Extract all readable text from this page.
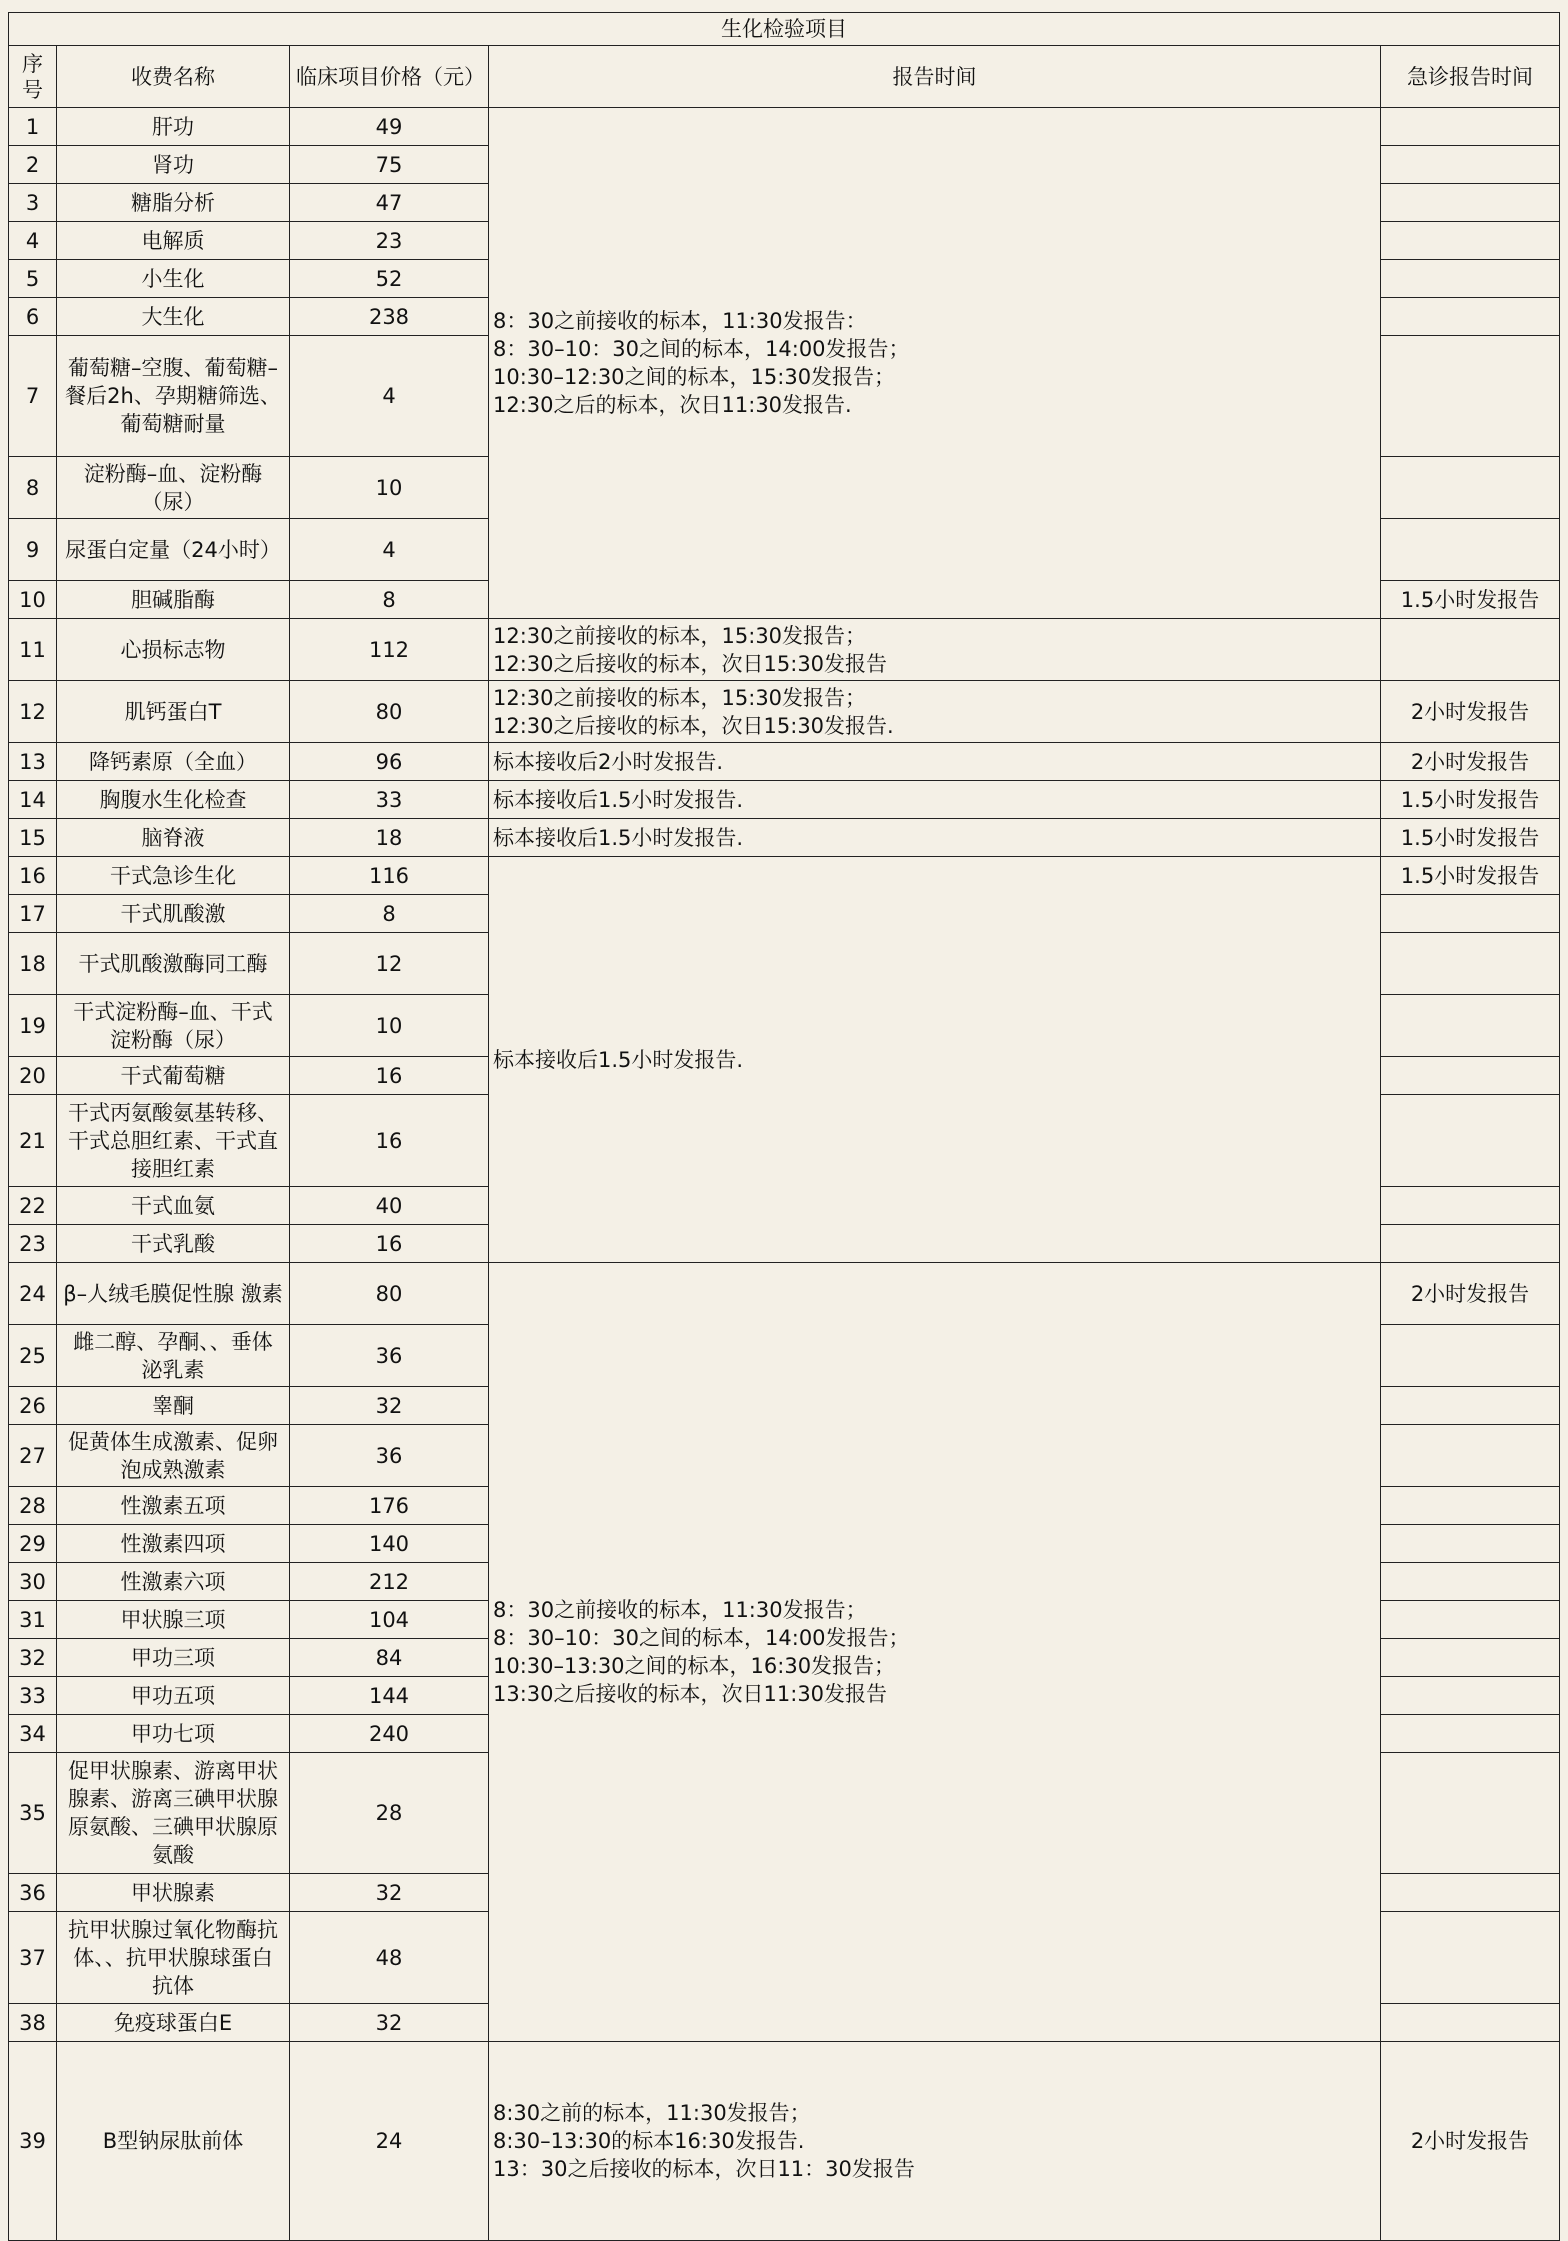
生化检验项目				
序
号	收费名称	临床项目价格（元）	报告时间	急诊报告时间
1	肝功	49	8：30之前接收的标本，11:30发报告：
8：30–10：30之间的标本，14:00发报告；
10:30–12:30之间的标本，15:30发报告；
12:30之后的标本，次日11:30发报告.	
2	肾功	75		
3	糖脂分析	47		
4	电解质	23		
5	小生化	52		
6	大生化	238		
7	葡萄糖–空腹、葡萄糖–餐后2h、孕期糖筛选、葡萄糖耐量	4		
8	淀粉酶–血、淀粉酶（尿）	10		
9	尿蛋白定量（24小时）	4		
10	胆碱脂酶	8		1.5小时发报告
11	心损标志物	112	12:30之前接收的标本，15:30发报告；
12:30之后接收的标本，次日15:30发报告	
12	肌钙蛋白T	80	12:30之前接收的标本，15:30发报告；
12:30之后接收的标本，次日15:30发报告.	2小时发报告
13	降钙素原（全血）	96	标本接收后2小时发报告.	2小时发报告
14	胸腹水生化检查	33	标本接收后1.5小时发报告.	1.5小时发报告
15	脑脊液	18	标本接收后1.5小时发报告.	1.5小时发报告
16	干式急诊生化	116	标本接收后1.5小时发报告.	1.5小时发报告
17	干式肌酸激	8		
18	干式肌酸激酶同工酶	12		
19	干式淀粉酶–血、干式淀粉酶（尿）	10		
20	干式葡萄糖	16		
21	干式丙氨酸氨基转移、干式总胆红素、干式直接胆红素	16		
22	干式血氨	40		
23	干式乳酸	16		
24	β–人绒毛膜促性腺 激素	80	8：30之前接收的标本，11:30发报告；
8：30–10：30之间的标本，14:00发报告；
10:30–13:30之间的标本，16:30发报告；
13:30之后接收的标本，次日11:30发报告	2小时发报告
25	雌二醇、孕酮、、垂体泌乳素	36		
26	睾酮	32		
27	促黄体生成激素、促卵泡成熟激素	36		
28	性激素五项	176		
29	性激素四项	140		
30	性激素六项	212		
31	甲状腺三项	104		
32	甲功三项	84		
33	甲功五项	144		
34	甲功七项	240		
35	促甲状腺素、游离甲状腺素、游离三碘甲状腺原氨酸、三碘甲状腺原氨酸	28		
36	甲状腺素	32		
37	抗甲状腺过氧化物酶抗体、、抗甲状腺球蛋白抗体	48		
38	免疫球蛋白E	32		
39	B型钠尿肽前体	24	8:30之前的标本，11:30发报告；
8:30–13:30的标本16:30发报告.
13：30之后接收的标本，次日11：30发报告	2小时发报告
